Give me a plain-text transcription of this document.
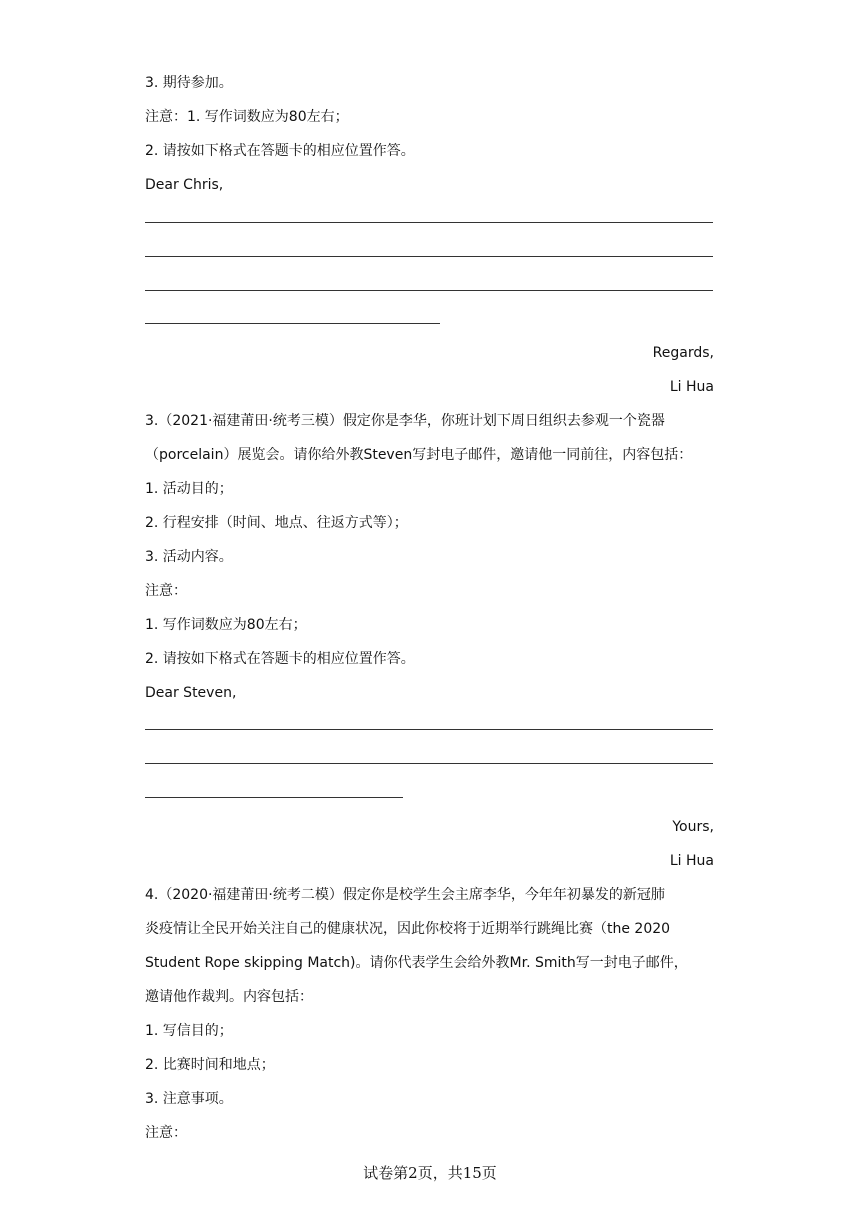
3. 期待参加。
注意：1. 写作词数应为80左右；
2. 请按如下格式在答题卡的相应位置作答。
Dear Chris,
Regards,
Li Hua
3.（2021·福建莆田·统考三模）假定你是李华，你班计划下周日组织去参观一个瓷器
（porcelain）展览会。请你给外教Steven写封电子邮件，邀请他一同前往，内容包括：
1. 活动目的；
2. 行程安排（时间、地点、往返方式等）；
3. 活动内容。
注意：
1. 写作词数应为80左右；
2. 请按如下格式在答题卡的相应位置作答。
Dear Steven,
Yours,
Li Hua
4.（2020·福建莆田·统考二模）假定你是校学生会主席李华，今年年初暴发的新冠肺
炎疫情让全民开始关注自己的健康状况，因此你校将于近期举行跳绳比赛（the 2020
Student Rope skipping Match)。请你代表学生会给外教Mr. Smith写一封电子邮件，
邀请他作裁判。内容包括：
1. 写信目的；
2. 比赛时间和地点；
3. 注意事项。
注意：
试卷第2页，共15页
